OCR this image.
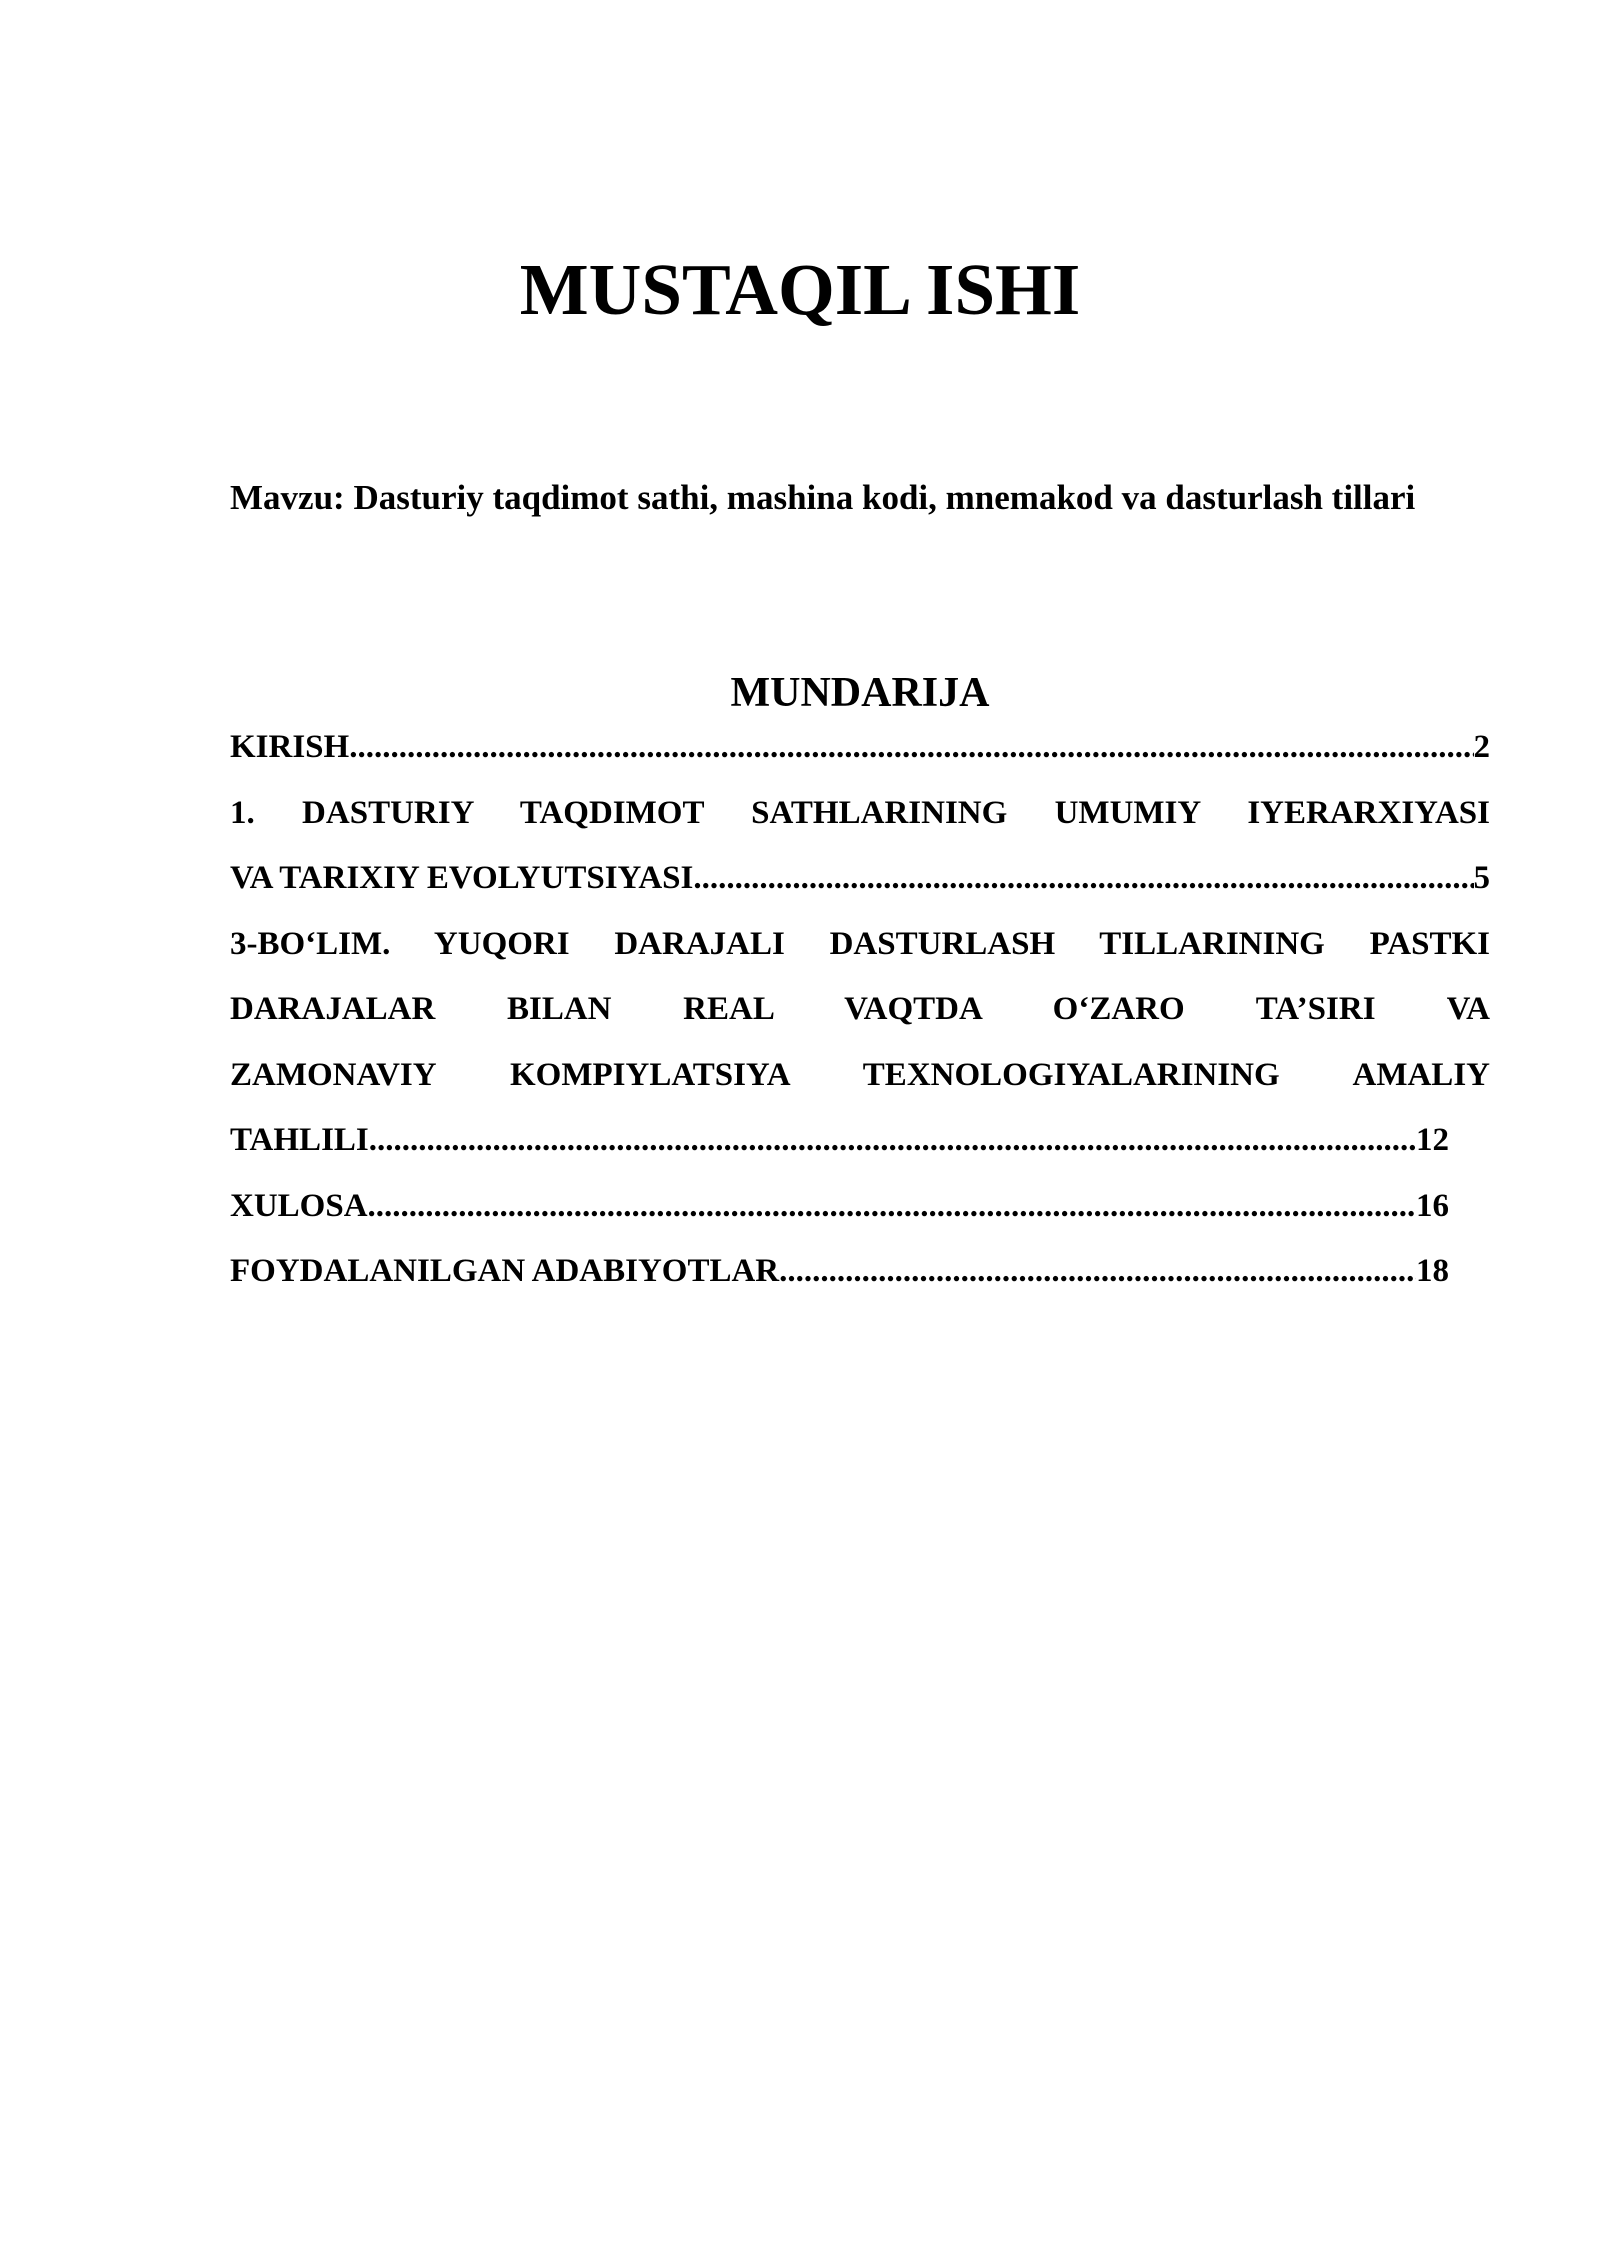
MUSTAQIL ISHI

Mavzu: Dasturiy taqdimot sathi, mashina kodi, mnemakod va dasturlash tillari

MUNDARIJA
KIRISH .....	2
1. DASTURIY TAQDIMOT SATHLARINING UMUMIY IYERARXIYASI
VA TARIXIY EVOLYUTSIYASI .....	5
3-BO‘LIM. YUQORI DARAJALI DASTURLASH TILLARINING PASTKI
DARAJALAR BILAN REAL VAQTDA O‘ZARO TA’SIRI VA
ZAMONAVIY KOMPIYLATSIYA TEXNOLOGIYALARINING AMALIY
TAHLILI .....	12
XULOSA .....	16
FOYDALANILGAN ADABIYOTLAR .....	18
